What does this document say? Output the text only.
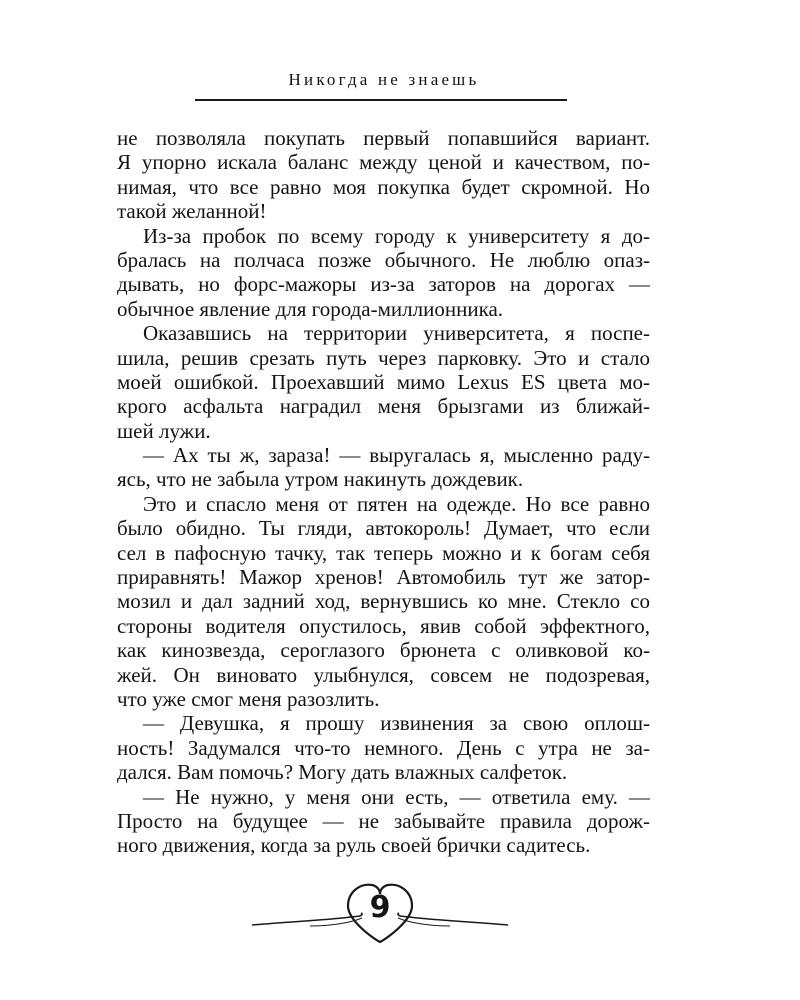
Никогда не знаешь
не позволяла покупать первый попавшийся вариант.
Я упорно искала баланс между ценой и качеством, по-
нимая, что все равно моя покупка будет скромной. Но
такой желанной!
Из-за пробок по всему городу к университету я до-
бралась на полчаса позже обычного. Не люблю опаз-
дывать, но форс-мажоры из-за заторов на дорогах —
обычное явление для города-миллионника.
Оказавшись на территории университета, я поспе-
шила, решив срезать путь через парковку. Это и стало
моей ошибкой. Проехавший мимо Lexus ES цвета мо-
крого асфальта наградил меня брызгами из ближай-
шей лужи.
— Ах ты ж, зараза! — выругалась я, мысленно раду-
ясь, что не забыла утром накинуть дождевик.
Это и спасло меня от пятен на одежде. Но все равно
было обидно. Ты гляди, автокороль! Думает, что если
сел в пафосную тачку, так теперь можно и к богам себя
приравнять! Мажор хренов! Автомобиль тут же затор-
мозил и дал задний ход, вернувшись ко мне. Стекло со
стороны водителя опустилось, явив собой эффектного,
как кинозвезда, сероглазого брюнета с оливковой ко-
жей. Он виновато улыбнулся, совсем не подозревая,
что уже смог меня разозлить.
— Девушка, я прошу извинения за свою оплош-
ность! Задумался что-то немного. День с утра не за-
дался. Вам помочь? Могу дать влажных салфеток.
— Не нужно, у меня они есть, — ответила ему. —
Просто на будущее — не забывайте правила дорож-
ного движения, когда за руль своей брички садитесь.
9
